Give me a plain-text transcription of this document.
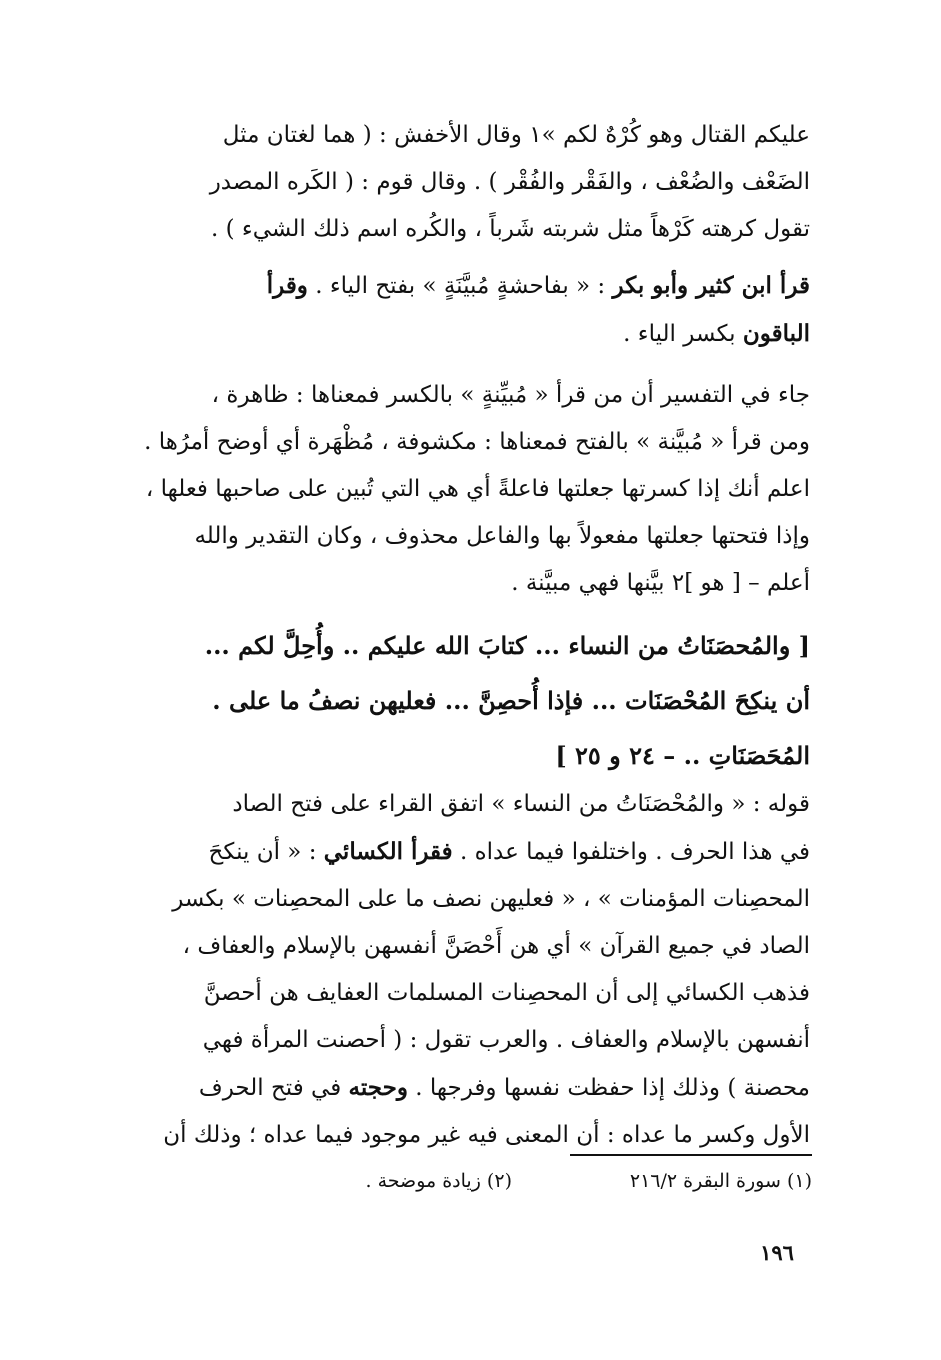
عليكم القتال وهو كُرْهٌ لكم »١ وقال الأخفش : ( هما لغتان مثل
الضَعْف والضُعْف ، والفَقْر والفُقْر ) . وقال قوم : ( الكَره المصدر
تقول كرهته كَرْهاً مثل شربته شَرباً ، والكُره اسم ذلك الشيء ) .
قرأ ابن كثير وأبو بكر : « بفاحشةٍ مُبيَّنَةٍ » بفتح الياء . وقرأ
الباقون بكسر الياء .
جاء في التفسير أن من قرأ « مُبيِّنةٍ » بالكسر فمعناها : ظاهرة ،
ومن قرأ « مُبيَّنة » بالفتح فمعناها : مكشوفة ، مُظْهَرة أي أوضح أمرُها .
اعلم أنك إذا كسرتها جعلتها فاعلةً أي هي التي تُبين على صاحبها فعلها ،
وإذا فتحتها جعلتها مفعولاً بها والفاعل محذوف ، وكان التقدير والله
أعلم – [ هو ]٢ بيَّنها فهي مبيَّنة .
[ والمُحصَنَاتُ من النساء ... كتابَ الله عليكم .. وأُحِلَّ لكم ...
أن ينكِحَ المُحْصَنَات ... فإذا أُحصِنَّ ... فعليهن نصفُ ما على .
المُحَصَنَاتِ .. – ٢٤ و ٢٥ ]
قوله : « والمُحْصَنَاتُ من النساء » اتفق القراء على فتح الصاد
في هذا الحرف . واختلفوا فيما عداه . فقرأ الكسائي : « أن ينكحَ
المحصِنات المؤمنات » ، « فعليهن نصف ما على المحصِنات » بكسر
الصاد في جميع القرآن » أي هن أَحْصَنَّ أنفسهن بالإسلام والعفاف ،
فذهب الكسائي إلى أن المحصِنات المسلمات العفايف هن أحصنَّ
أنفسهن بالإسلام والعفاف . والعرب تقول : ( أحصنت المرأة فهي
محصنة ) وذلك إذا حفظت نفسها وفرجها . وحجته في فتح الحرف
الأول وكسر ما عداه : أن المعنى فيه غير موجود فيما عداه ؛ وذلك أن
(١) سورة البقرة ٢١٦/٢
(٢) زيادة موضحة .
١٩٦
